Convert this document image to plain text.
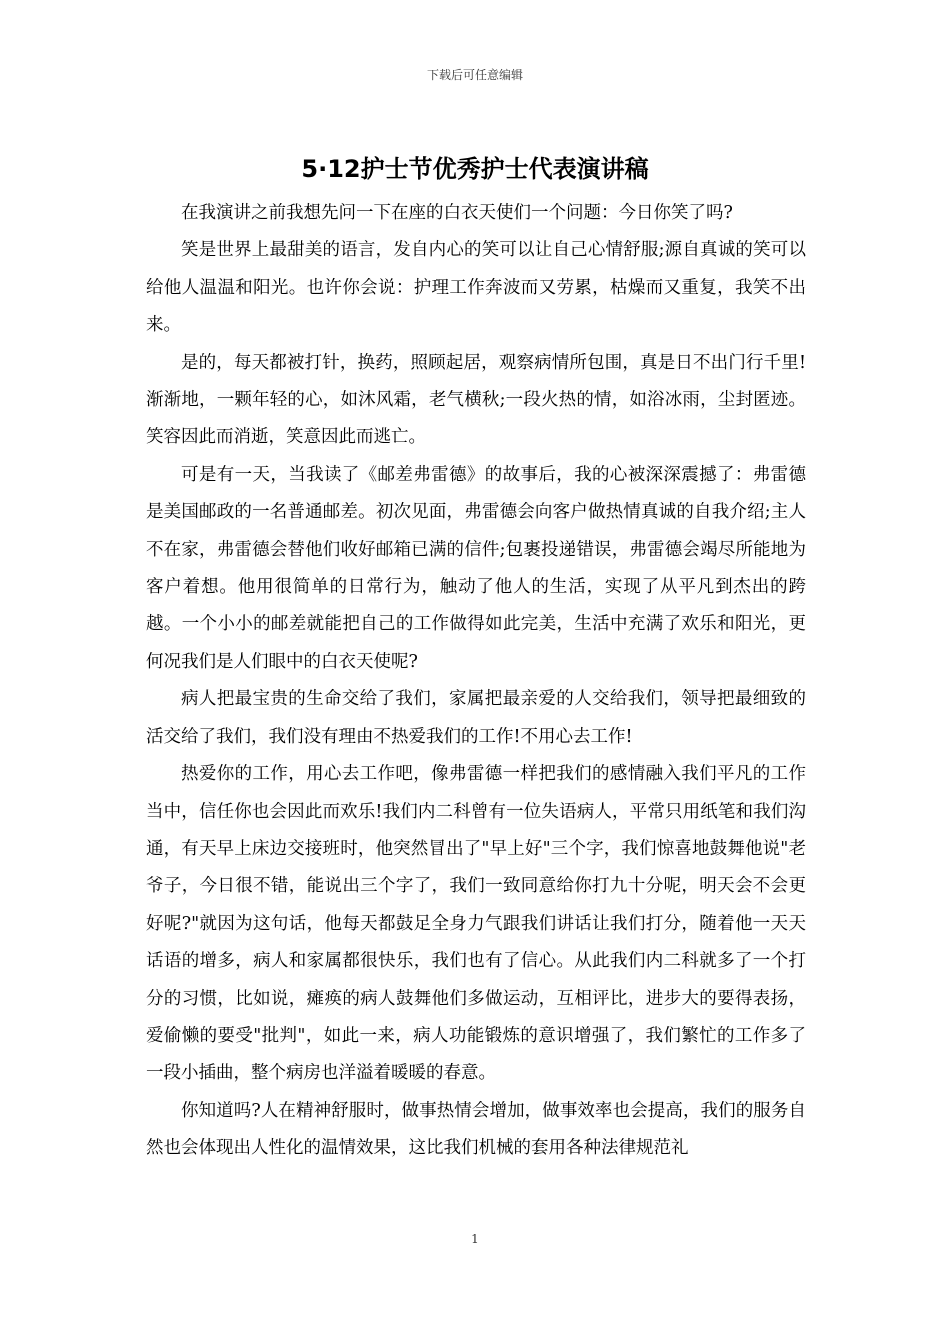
下载后可任意编辑
5·12护士节优秀护士代表演讲稿

在我演讲之前我想先问一下在座的白衣天使们一个问题：今日你笑了吗?

笑是世界上最甜美的语言，发自内心的笑可以让自己心情舒服;源自真诚的笑可以给他人温温和阳光。也许你会说：护理工作奔波而又劳累，枯燥而又重复，我笑不出来。

是的，每天都被打针，换药，照顾起居，观察病情所包围，真是日不出门行千里!渐渐地，一颗年轻的心，如沐风霜，老气横秋;一段火热的情，如浴冰雨，尘封匿迹。笑容因此而消逝，笑意因此而逃亡。

可是有一天，当我读了《邮差弗雷德》的故事后，我的心被深深震撼了：弗雷德是美国邮政的一名普通邮差。初次见面，弗雷德会向客户做热情真诚的自我介绍;主人不在家，弗雷德会替他们收好邮箱已满的信件;包裹投递错误，弗雷德会竭尽所能地为客户着想。他用很简单的日常行为，触动了他人的生活，实现了从平凡到杰出的跨越。一个小小的邮差就能把自己的工作做得如此完美，生活中充满了欢乐和阳光，更何况我们是人们眼中的白衣天使呢?

病人把最宝贵的生命交给了我们，家属把最亲爱的人交给我们，领导把最细致的活交给了我们，我们没有理由不热爱我们的工作!不用心去工作!

热爱你的工作，用心去工作吧，像弗雷德一样把我们的感情融入我们平凡的工作当中，信任你也会因此而欢乐!我们内二科曾有一位失语病人，平常只用纸笔和我们沟通，有天早上床边交接班时，他突然冒出了"早上好"三个字，我们惊喜地鼓舞他说"老爷子，今日很不错，能说出三个字了，我们一致同意给你打九十分呢，明天会不会更好呢?"就因为这句话，他每天都鼓足全身力气跟我们讲话让我们打分，随着他一天天话语的增多，病人和家属都很快乐，我们也有了信心。从此我们内二科就多了一个打分的习惯，比如说，瘫痪的病人鼓舞他们多做运动，互相评比，进步大的要得表扬，爱偷懒的要受"批判"，如此一来，病人功能锻炼的意识增强了，我们繁忙的工作多了一段小插曲，整个病房也洋溢着暖暖的春意。

你知道吗?人在精神舒服时，做事热情会增加，做事效率也会提高，我们的服务自然也会体现出人性化的温情效果，这比我们机械的套用各种法律规范礼

1
